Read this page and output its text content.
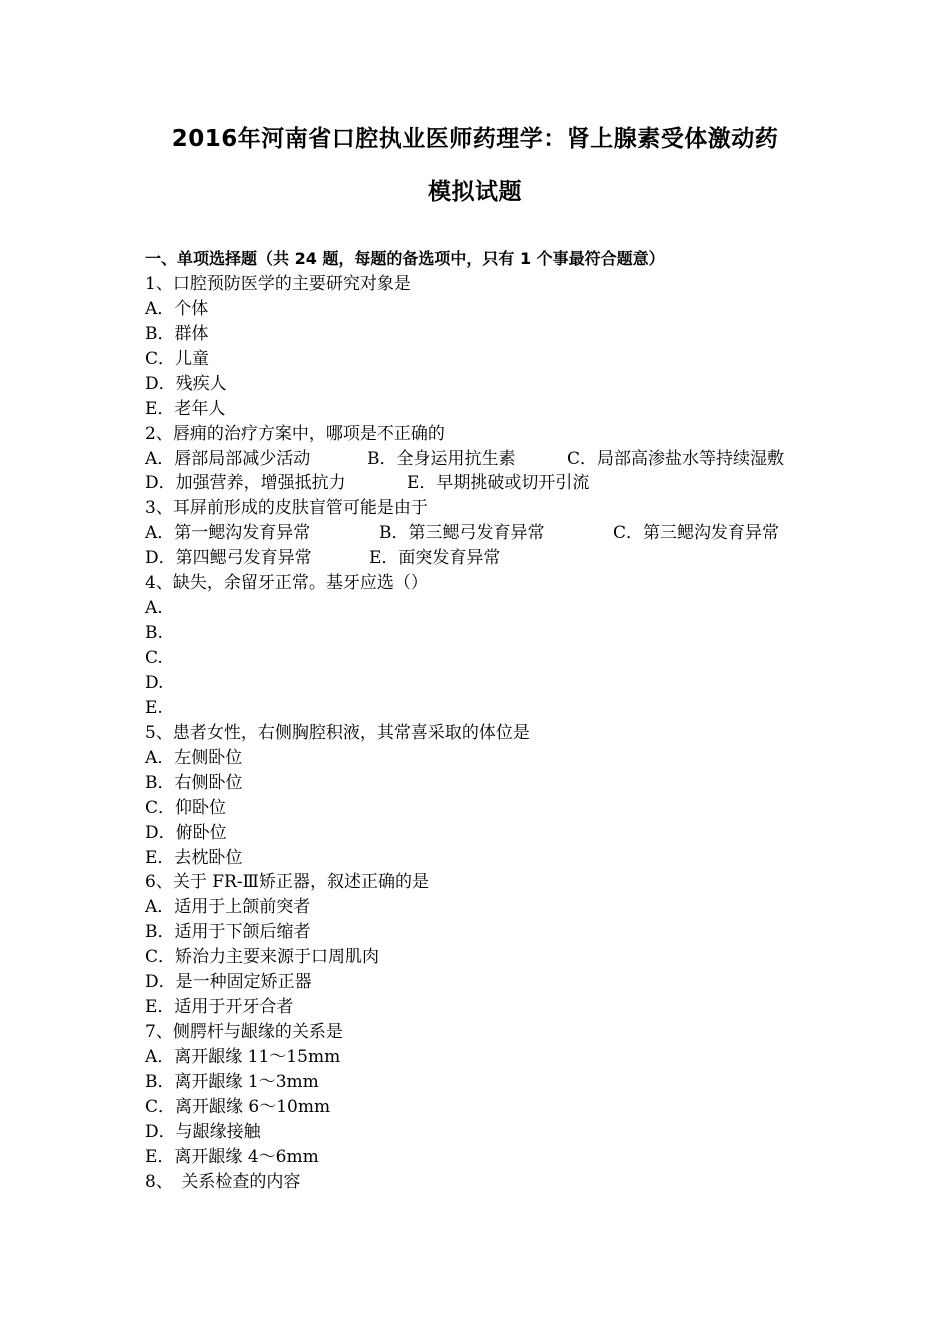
2016年河南省口腔执业医师药理学：肾上腺素受体激动药
模拟试题
一、单项选择题（共 24 题，每题的备选项中，只有 1 个事最符合题意）
1、口腔预防医学的主要研究对象是
A．个体
B．群体
C．儿童
D．残疾人
E．老年人
2、唇痈的治疗方案中，哪项是不正确的
A．唇部局部减少活动	B．全身运用抗生素	C．局部高渗盐水等持续湿敷
D．加强营养，增强抵抗力	E．早期挑破或切开引流
3、耳屏前形成的皮肤盲管可能是由于
A．第一鳃沟发育异常	B．第三鳃弓发育异常	C．第三鳃沟发育异常
D．第四鳃弓发育异常	E．面突发育异常
4、缺失，余留牙正常。基牙应选（）
A.
B.
C.
D.
E.
5、患者女性，右侧胸腔积液，其常喜采取的体位是
A．左侧卧位
B．右侧卧位
C．仰卧位
D．俯卧位
E．去枕卧位
6、关于 FR-Ⅲ矫正器，叙述正确的是
A．适用于上颌前突者
B．适用于下颌后缩者
C．矫治力主要来源于口周肌肉
D．是一种固定矫正器
E．适用于开牙合者
7、侧腭杆与龈缘的关系是
A．离开龈缘 11～15mm
B．离开龈缘 1～3mm
C．离开龈缘 6～10mm
D．与龈缘接触
E．离开龈缘 4～6mm
8、　关系检查的内容
